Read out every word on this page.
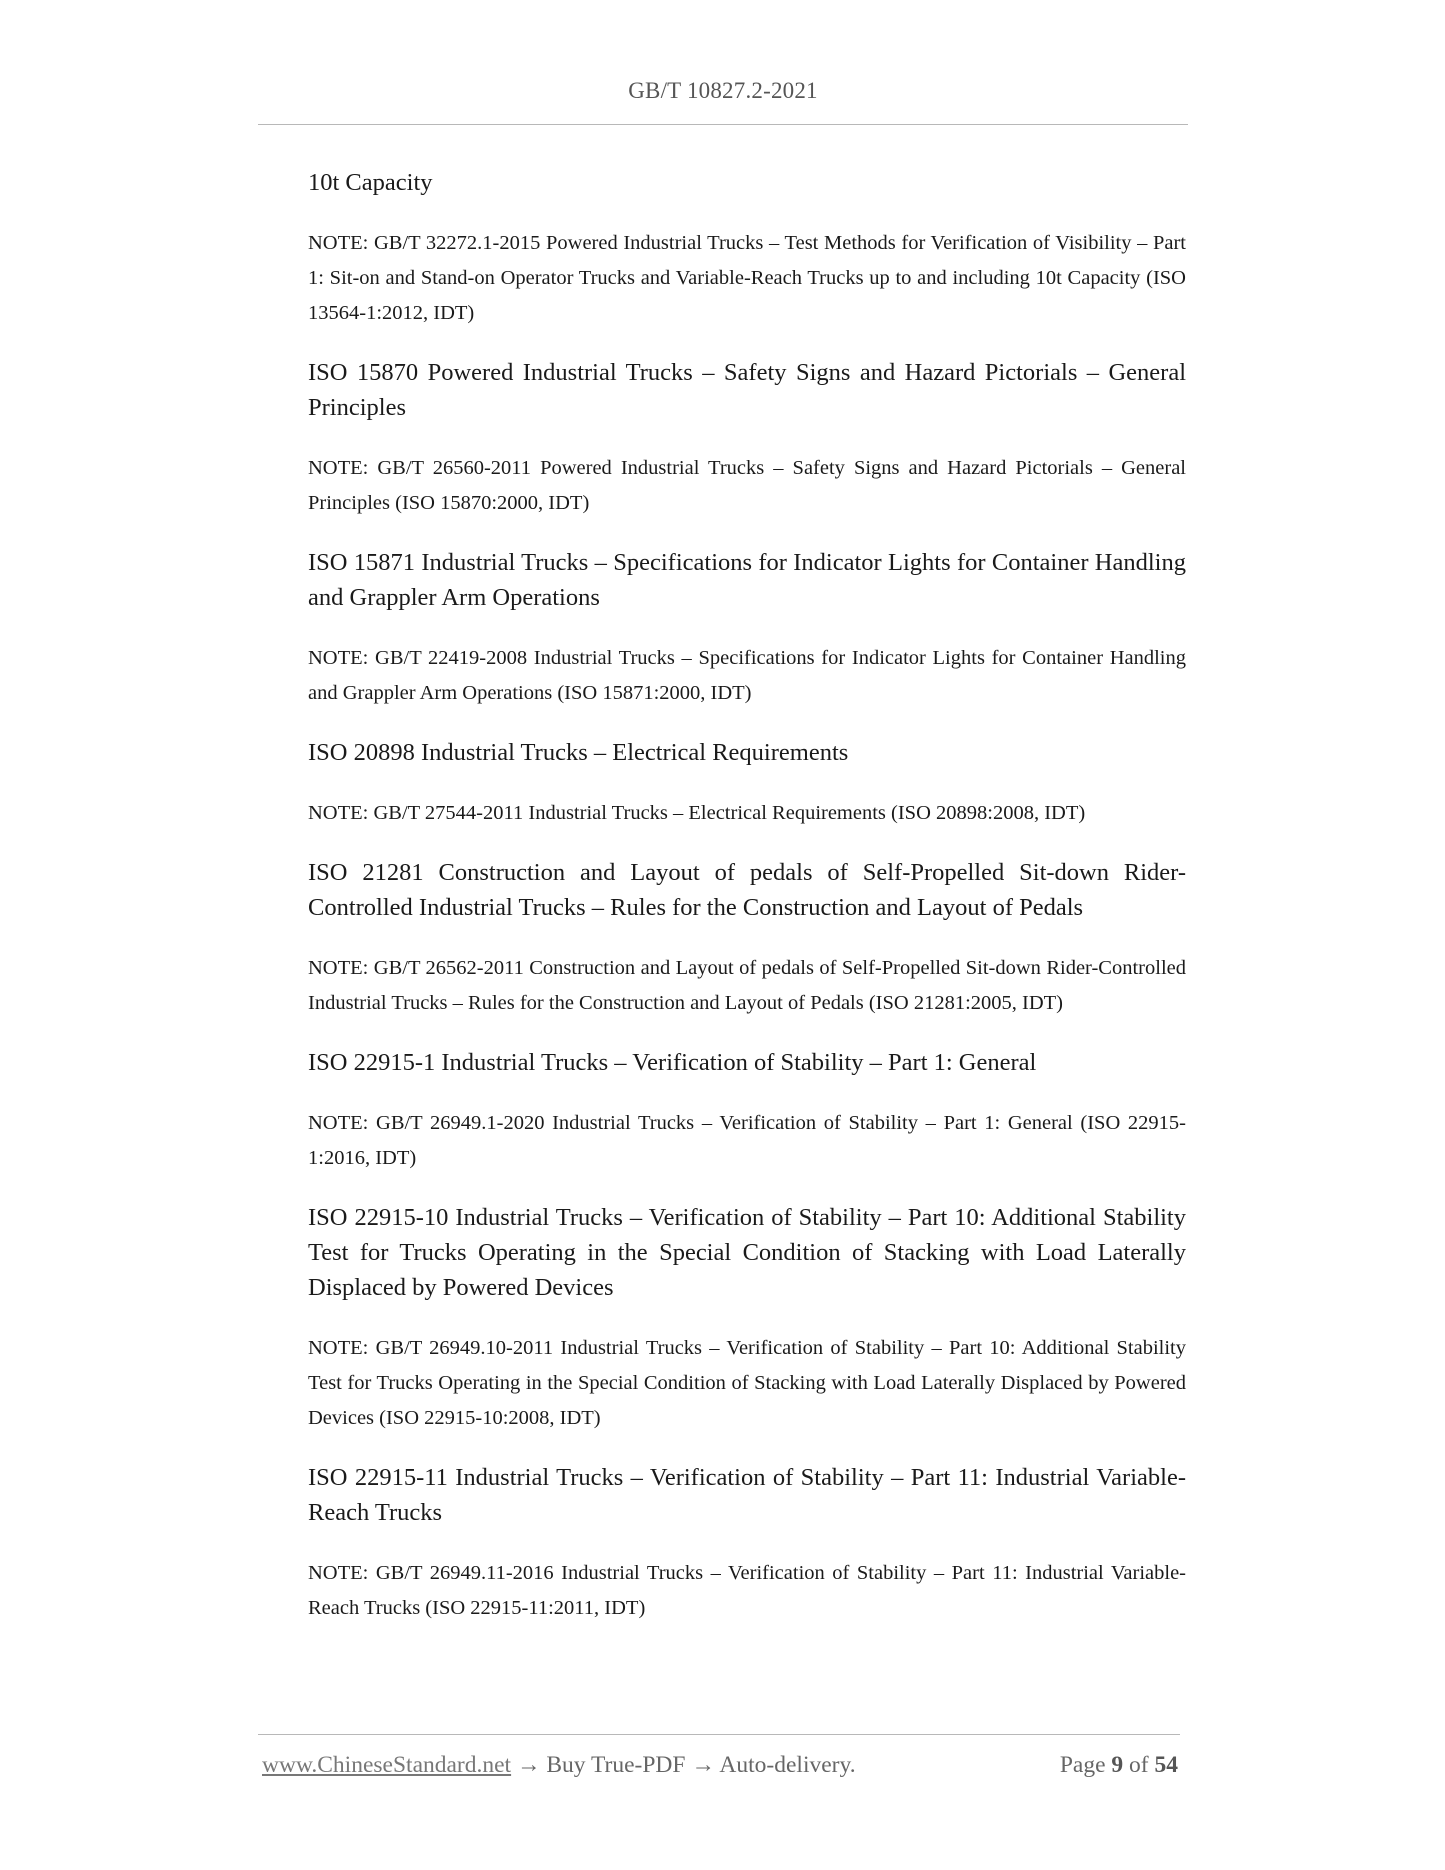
GB/T 10827.2-2021

10t Capacity

NOTE: GB/T 32272.1-2015 Powered Industrial Trucks – Test Methods for Verification of Visibility – Part 1: Sit-on and Stand-on Operator Trucks and Variable-Reach Trucks up to and including 10t Capacity (ISO 13564-1:2012, IDT)

ISO 15870 Powered Industrial Trucks – Safety Signs and Hazard Pictorials – General Principles

NOTE: GB/T 26560-2011 Powered Industrial Trucks – Safety Signs and Hazard Pictorials – General Principles (ISO 15870:2000, IDT)

ISO 15871 Industrial Trucks – Specifications for Indicator Lights for Container Handling and Grappler Arm Operations

NOTE: GB/T 22419-2008 Industrial Trucks – Specifications for Indicator Lights for Container Handling and Grappler Arm Operations (ISO 15871:2000, IDT)

ISO 20898 Industrial Trucks – Electrical Requirements

NOTE: GB/T 27544-2011 Industrial Trucks – Electrical Requirements (ISO 20898:2008, IDT)

ISO 21281 Construction and Layout of pedals of Self-Propelled Sit-down Rider-Controlled Industrial Trucks – Rules for the Construction and Layout of Pedals

NOTE: GB/T 26562-2011 Construction and Layout of pedals of Self-Propelled Sit-down Rider-Controlled Industrial Trucks – Rules for the Construction and Layout of Pedals (ISO 21281:2005, IDT)

ISO 22915-1 Industrial Trucks – Verification of Stability – Part 1: General

NOTE: GB/T 26949.1-2020 Industrial Trucks – Verification of Stability – Part 1: General (ISO 22915-1:2016, IDT)

ISO 22915-10 Industrial Trucks – Verification of Stability – Part 10: Additional Stability Test for Trucks Operating in the Special Condition of Stacking with Load Laterally Displaced by Powered Devices

NOTE: GB/T 26949.10-2011 Industrial Trucks – Verification of Stability – Part 10: Additional Stability Test for Trucks Operating in the Special Condition of Stacking with Load Laterally Displaced by Powered Devices (ISO 22915-10:2008, IDT)

ISO 22915-11 Industrial Trucks – Verification of Stability – Part 11: Industrial Variable-Reach Trucks

NOTE: GB/T 26949.11-2016 Industrial Trucks – Verification of Stability – Part 11: Industrial Variable-Reach Trucks (ISO 22915-11:2011, IDT)

www.ChineseStandard.net → Buy True-PDF → Auto-delivery.	Page 9 of 54
